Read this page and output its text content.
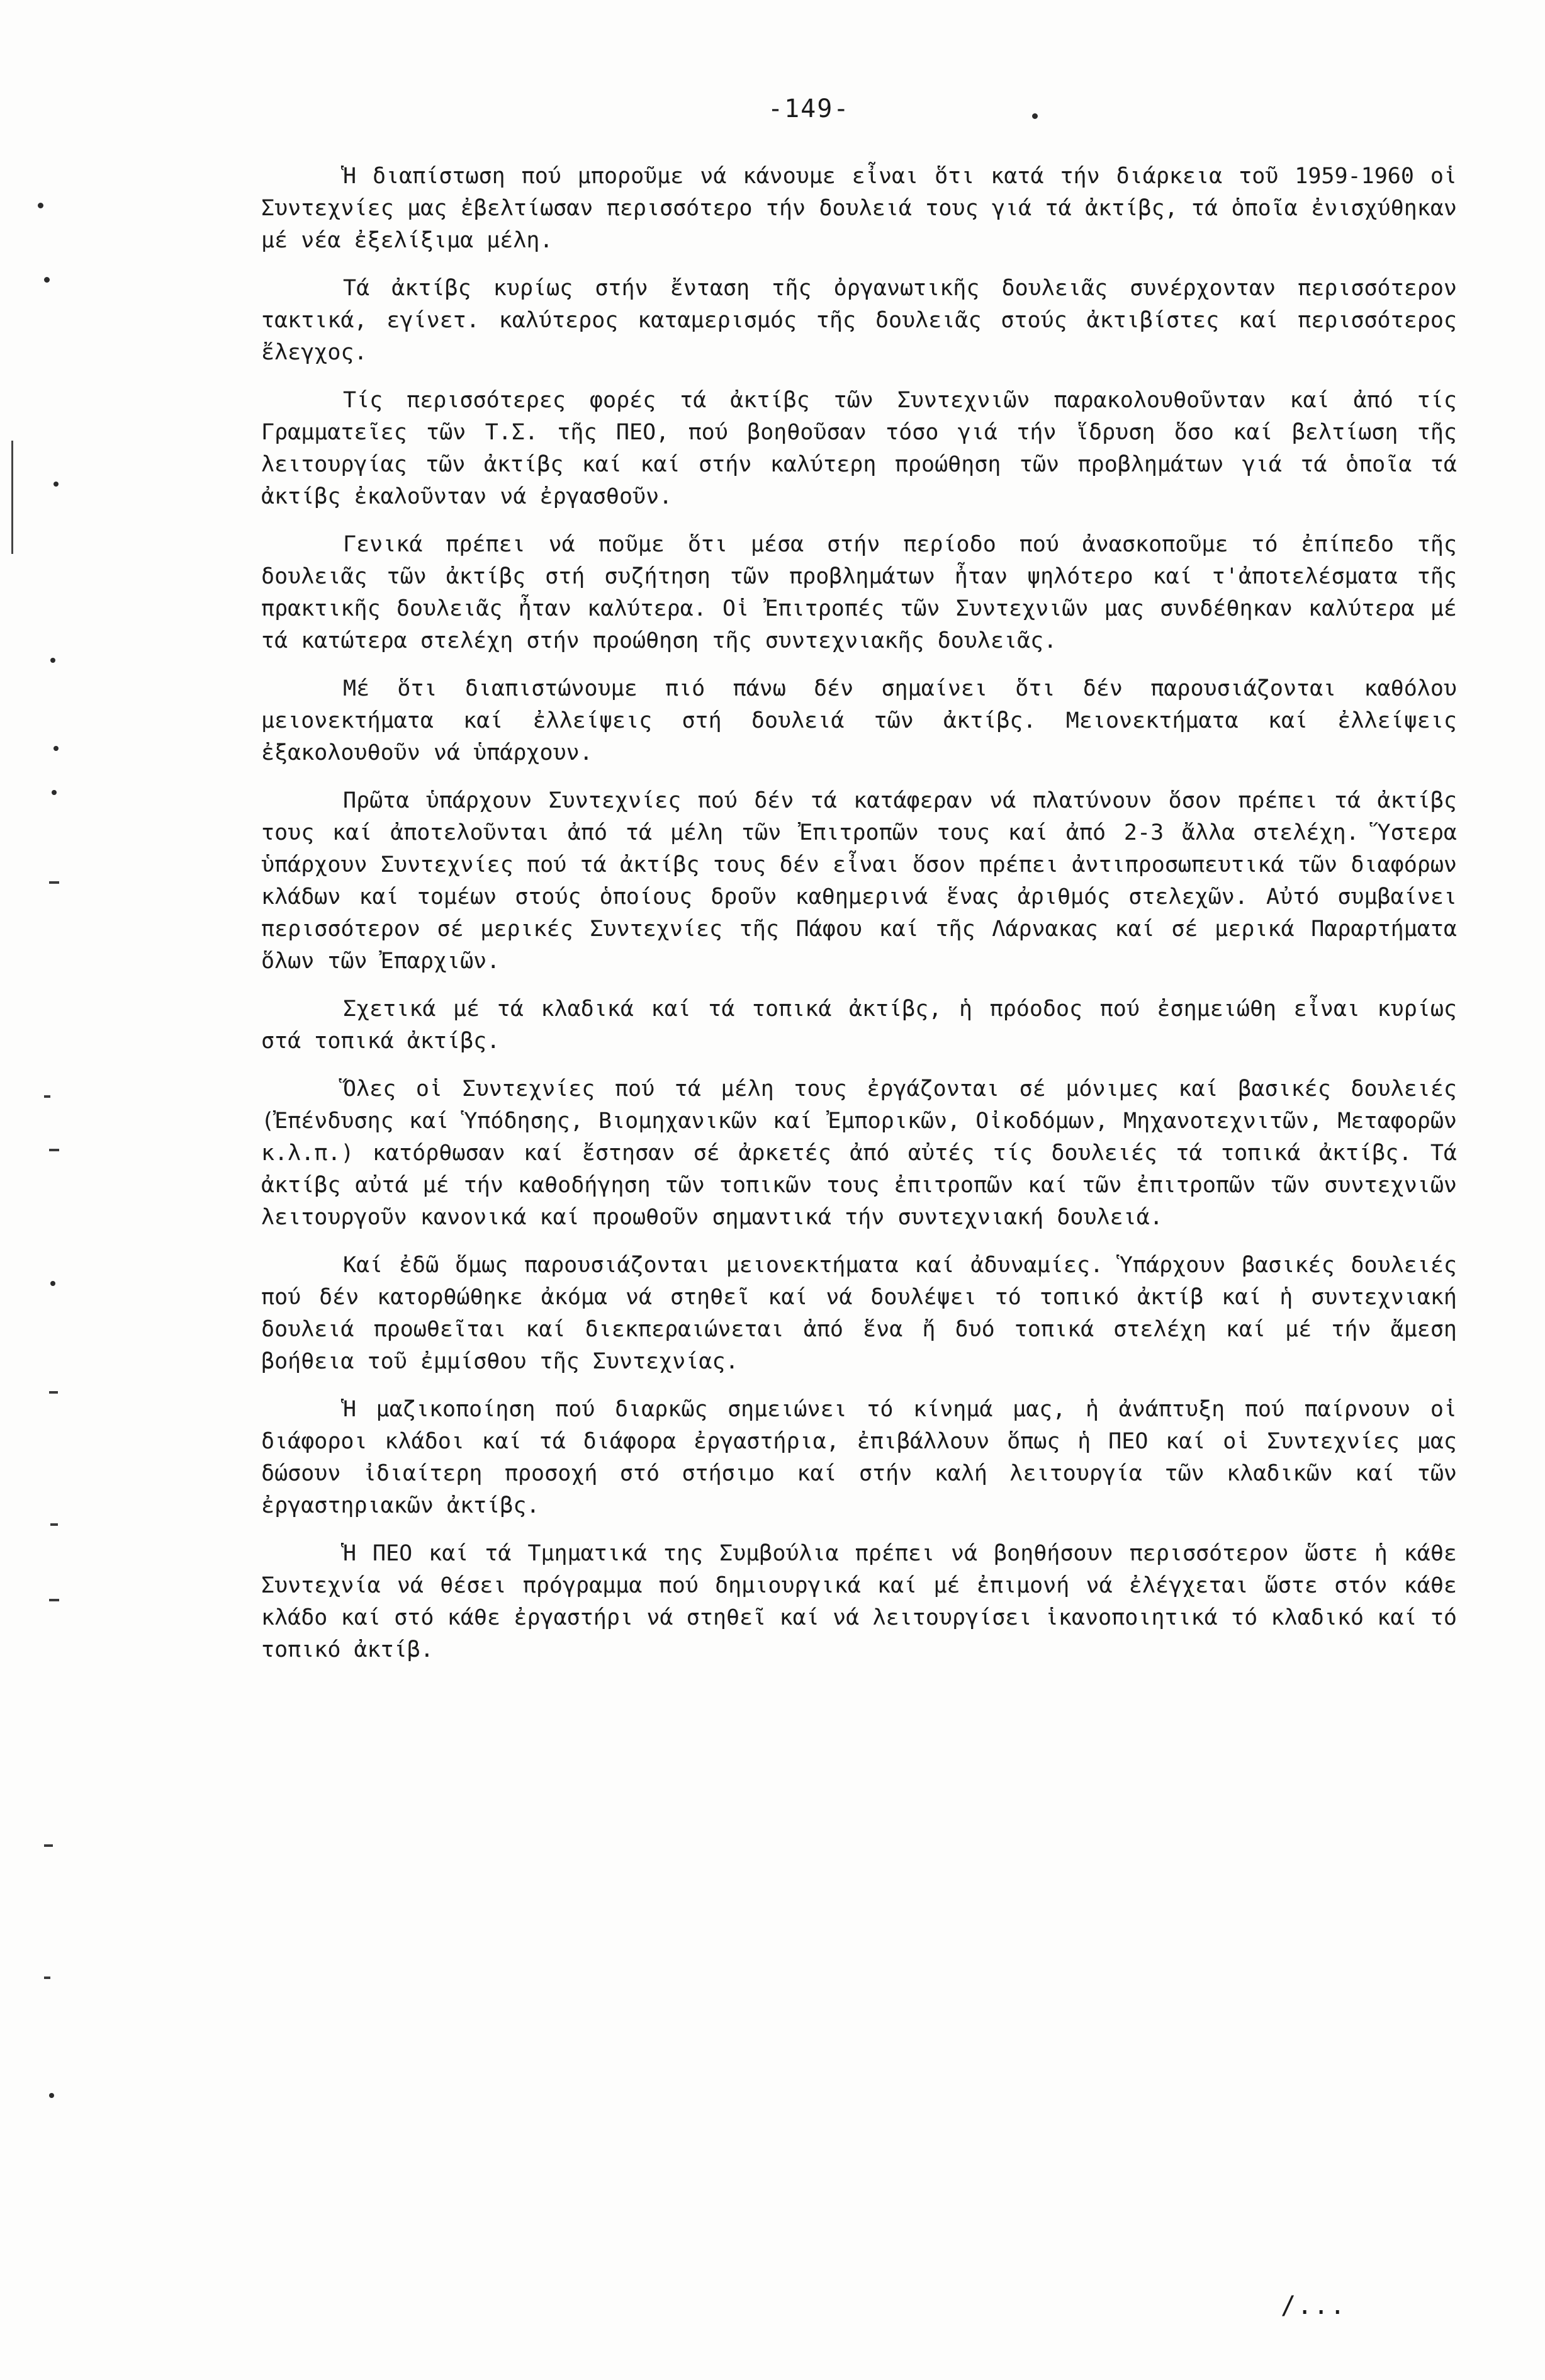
-149-

Ἡ διαπίστωση πού μποροῦμε νά κάνουμε εἶναι ὅτι κατά τήν διάρκεια τοῦ 1959-1960 οἱ Συντεχνίες μας ἐβελτίωσαν περισσότερο τήν δουλειά τους γιά τά ἀκτίβς, τά ὁποῖα ἐνισχύθηκαν μέ νέα ἐξελίξιμα μέλη.

Τά ἀκτίβς κυρίως στήν ἔνταση τῆς ὀργανωτικῆς δουλειᾶς συνέρχονταν περισσότερον τακτικά, εγίνετ. καλύτερος καταμερισμός τῆς δουλειᾶς στούς ἀκτιβίστες καί περισσότερος ἔλεγχος.

Τίς περισσότερες φορές τά ἀκτίβς τῶν Συντεχνιῶν παρακολουθοῦνταν καί ἀπό τίς Γραμματεῖες τῶν Τ.Σ. τῆς ΠΕΟ, πού βοηθοῦσαν τόσο γιά τήν ἵδρυση ὅσο καί βελτίωση τῆς λειτουργίας τῶν ἀκτίβς καί καί στήν καλύτερη προώθηση τῶν προβλημάτων γιά τά ὁποῖα τά ἀκτίβς ἐκαλοῦνταν νά ἐργασθοῦν.

Γενικά πρέπει νά ποῦμε ὅτι μέσα στήν περίοδο πού ἀνασκοποῦμε τό ἐπίπεδο τῆς δουλειᾶς τῶν ἀκτίβς στή συζήτηση τῶν προβλημάτων ἦταν ψηλότερο καί τ'ἀποτελέσματα τῆς πρακτικῆς δουλειᾶς ἦταν καλύτερα. Οἱ Ἐπιτροπές τῶν Συντεχνιῶν μας συνδέθηκαν καλύτερα μέ τά κατώτερα στελέχη στήν προώθηση τῆς συντεχνιακῆς δουλειᾶς.

Μέ ὅτι διαπιστώνουμε πιό πάνω δέν σημαίνει ὅτι δέν παρουσιάζονται καθόλου μειονεκτήματα καί ἐλλείψεις στή δουλειά τῶν ἀκτίβς. Μειονεκτήματα καί ἐλλείψεις ἐξακολουθοῦν νά ὑπάρχουν.

Πρῶτα ὑπάρχουν Συντεχνίες πού δέν τά κατάφεραν νά πλατύνουν ὅσον πρέπει τά ἀκτίβς τους καί ἀποτελοῦνται ἀπό τά μέλη τῶν Ἐπιτροπῶν τους καί ἀπό 2-3 ἄλλα στελέχη. Ὕστερα ὑπάρχουν Συντεχνίες πού τά ἀκτίβς τους δέν εἶναι ὅσον πρέπει ἀντιπροσωπευτικά τῶν διαφόρων κλάδων καί τομέων στούς ὁποίους δροῦν καθημερινά ἕνας ἀριθμός στελεχῶν. Αὐτό συμβαίνει περισσότερον σέ μερικές Συντεχνίες τῆς Πάφου καί τῆς Λάρνακας καί σέ μερικά Παραρτήματα ὅλων τῶν Ἐπαρχιῶν.

Σχετικά μέ τά κλαδικά καί τά τοπικά ἀκτίβς, ἡ πρόοδος πού ἐσημειώθη εἶναι κυρίως στά τοπικά ἀκτίβς.

Ὅλες οἱ Συντεχνίες πού τά μέλη τους ἐργάζονται σέ μόνιμες καί βασικές δουλειές (Ἐπένδυσης καί Ὑπόδησης, Βιομηχανικῶν καί Ἐμπορικῶν, Οἰκοδόμων, Μηχανοτεχνιτῶν, Μεταφορῶν κ.λ.π.) κατόρθωσαν καί ἔστησαν σέ ἀρκετές ἀπό αὐτές τίς δουλειές τά τοπικά ἀκτίβς. Τά ἀκτίβς αὐτά μέ τήν καθοδήγηση τῶν τοπικῶν τους ἐπιτροπῶν καί τῶν ἐπιτροπῶν τῶν συντεχνιῶν λειτουργοῦν κανονικά καί προωθοῦν σημαντικά τήν συντεχνιακή δουλειά.

Καί ἐδῶ ὅμως παρουσιάζονται μειονεκτήματα καί ἀδυναμίες. Ὑπάρχουν βασικές δουλειές πού δέν κατορθώθηκε ἀκόμα νά στηθεῖ καί νά δουλέψει τό τοπικό ἀκτίβ καί ἡ συντεχνιακή δουλειά προωθεῖται καί διεκπεραιώνεται ἀπό ἕνα ἤ δυό τοπικά στελέχη καί μέ τήν ἄμεση βοήθεια τοῦ ἐμμίσθου τῆς Συντεχνίας.

Ἡ μαζικοποίηση πού διαρκῶς σημειώνει τό κίνημά μας, ἡ ἀνάπτυξη πού παίρνουν οἱ διάφοροι κλάδοι καί τά διάφορα ἐργαστήρια, ἐπιβάλλουν ὅπως ἡ ΠΕΟ καί οἱ Συντεχνίες μας δώσουν ἰδιαίτερη προσοχή στό στήσιμο καί στήν καλή λειτουργία τῶν κλαδικῶν καί τῶν ἐργαστηριακῶν ἀκτίβς.

Ἡ ΠΕΟ καί τά Τμηματικά της Συμβούλια πρέπει νά βοηθήσουν περισσότερον ὥστε ἡ κάθε Συντεχνία νά θέσει πρόγραμμα πού δημιουργικά καί μέ ἐπιμονή νά ἐλέγχεται ὥστε στόν κάθε κλάδο καί στό κάθε ἐργαστήρι νά στηθεῖ καί νά λειτουργίσει ἱκανοποιητικά τό κλαδικό καί τό τοπικό ἀκτίβ.

/...
